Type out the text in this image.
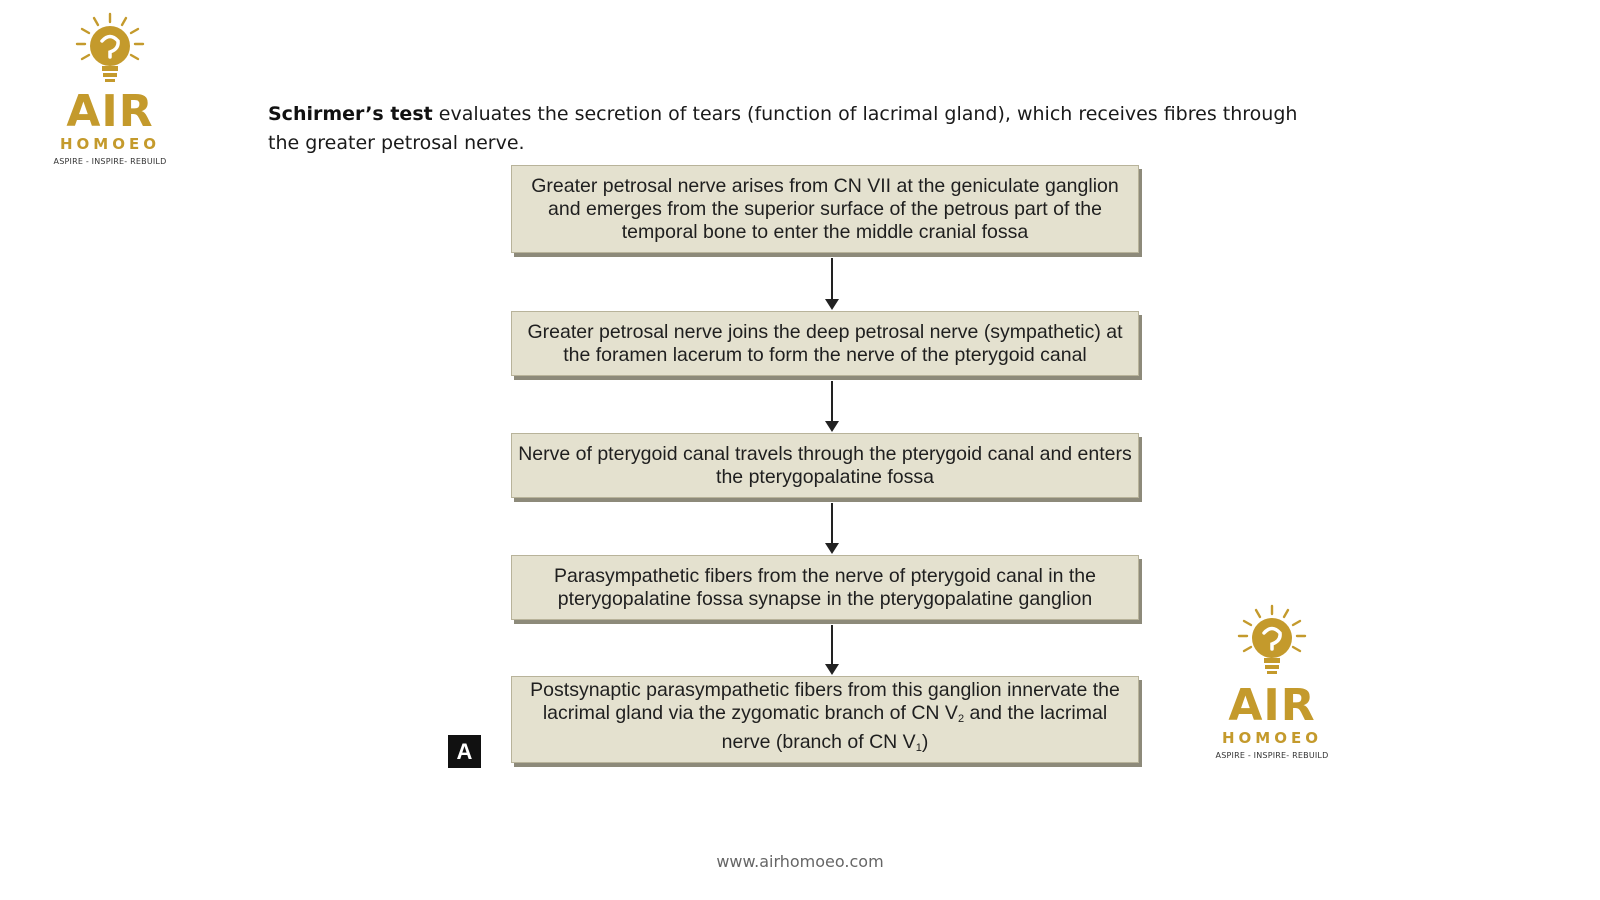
AIR
HOMOEO
ASPIRE - INSPIRE- REBUILD
Schirmer’s test evaluates the secretion of tears (function of lacrimal gland), which receives fibres through the greater petrosal nerve.
Greater petrosal nerve arises from CN VII at the geniculate ganglion and emerges from the superior surface of the petrous part of the temporal bone to enter the middle cranial fossa
Greater petrosal nerve joins the deep petrosal nerve (sympathetic) at the foramen lacerum to form the nerve of the pterygoid canal
Nerve of pterygoid canal travels through the pterygoid canal and enters the pterygopalatine fossa
Parasympathetic fibers from the nerve of pterygoid canal in the pterygopalatine fossa synapse in the pterygopalatine ganglion
Postsynaptic parasympathetic fibers from this ganglion innervate the lacrimal gland via the zygomatic branch of CN $V_2$ and the lacrimal nerve (branch of CN $V_1$)
A
AIR
HOMOEO
ASPIRE - INSPIRE- REBUILD
www.airhomoeo.com
